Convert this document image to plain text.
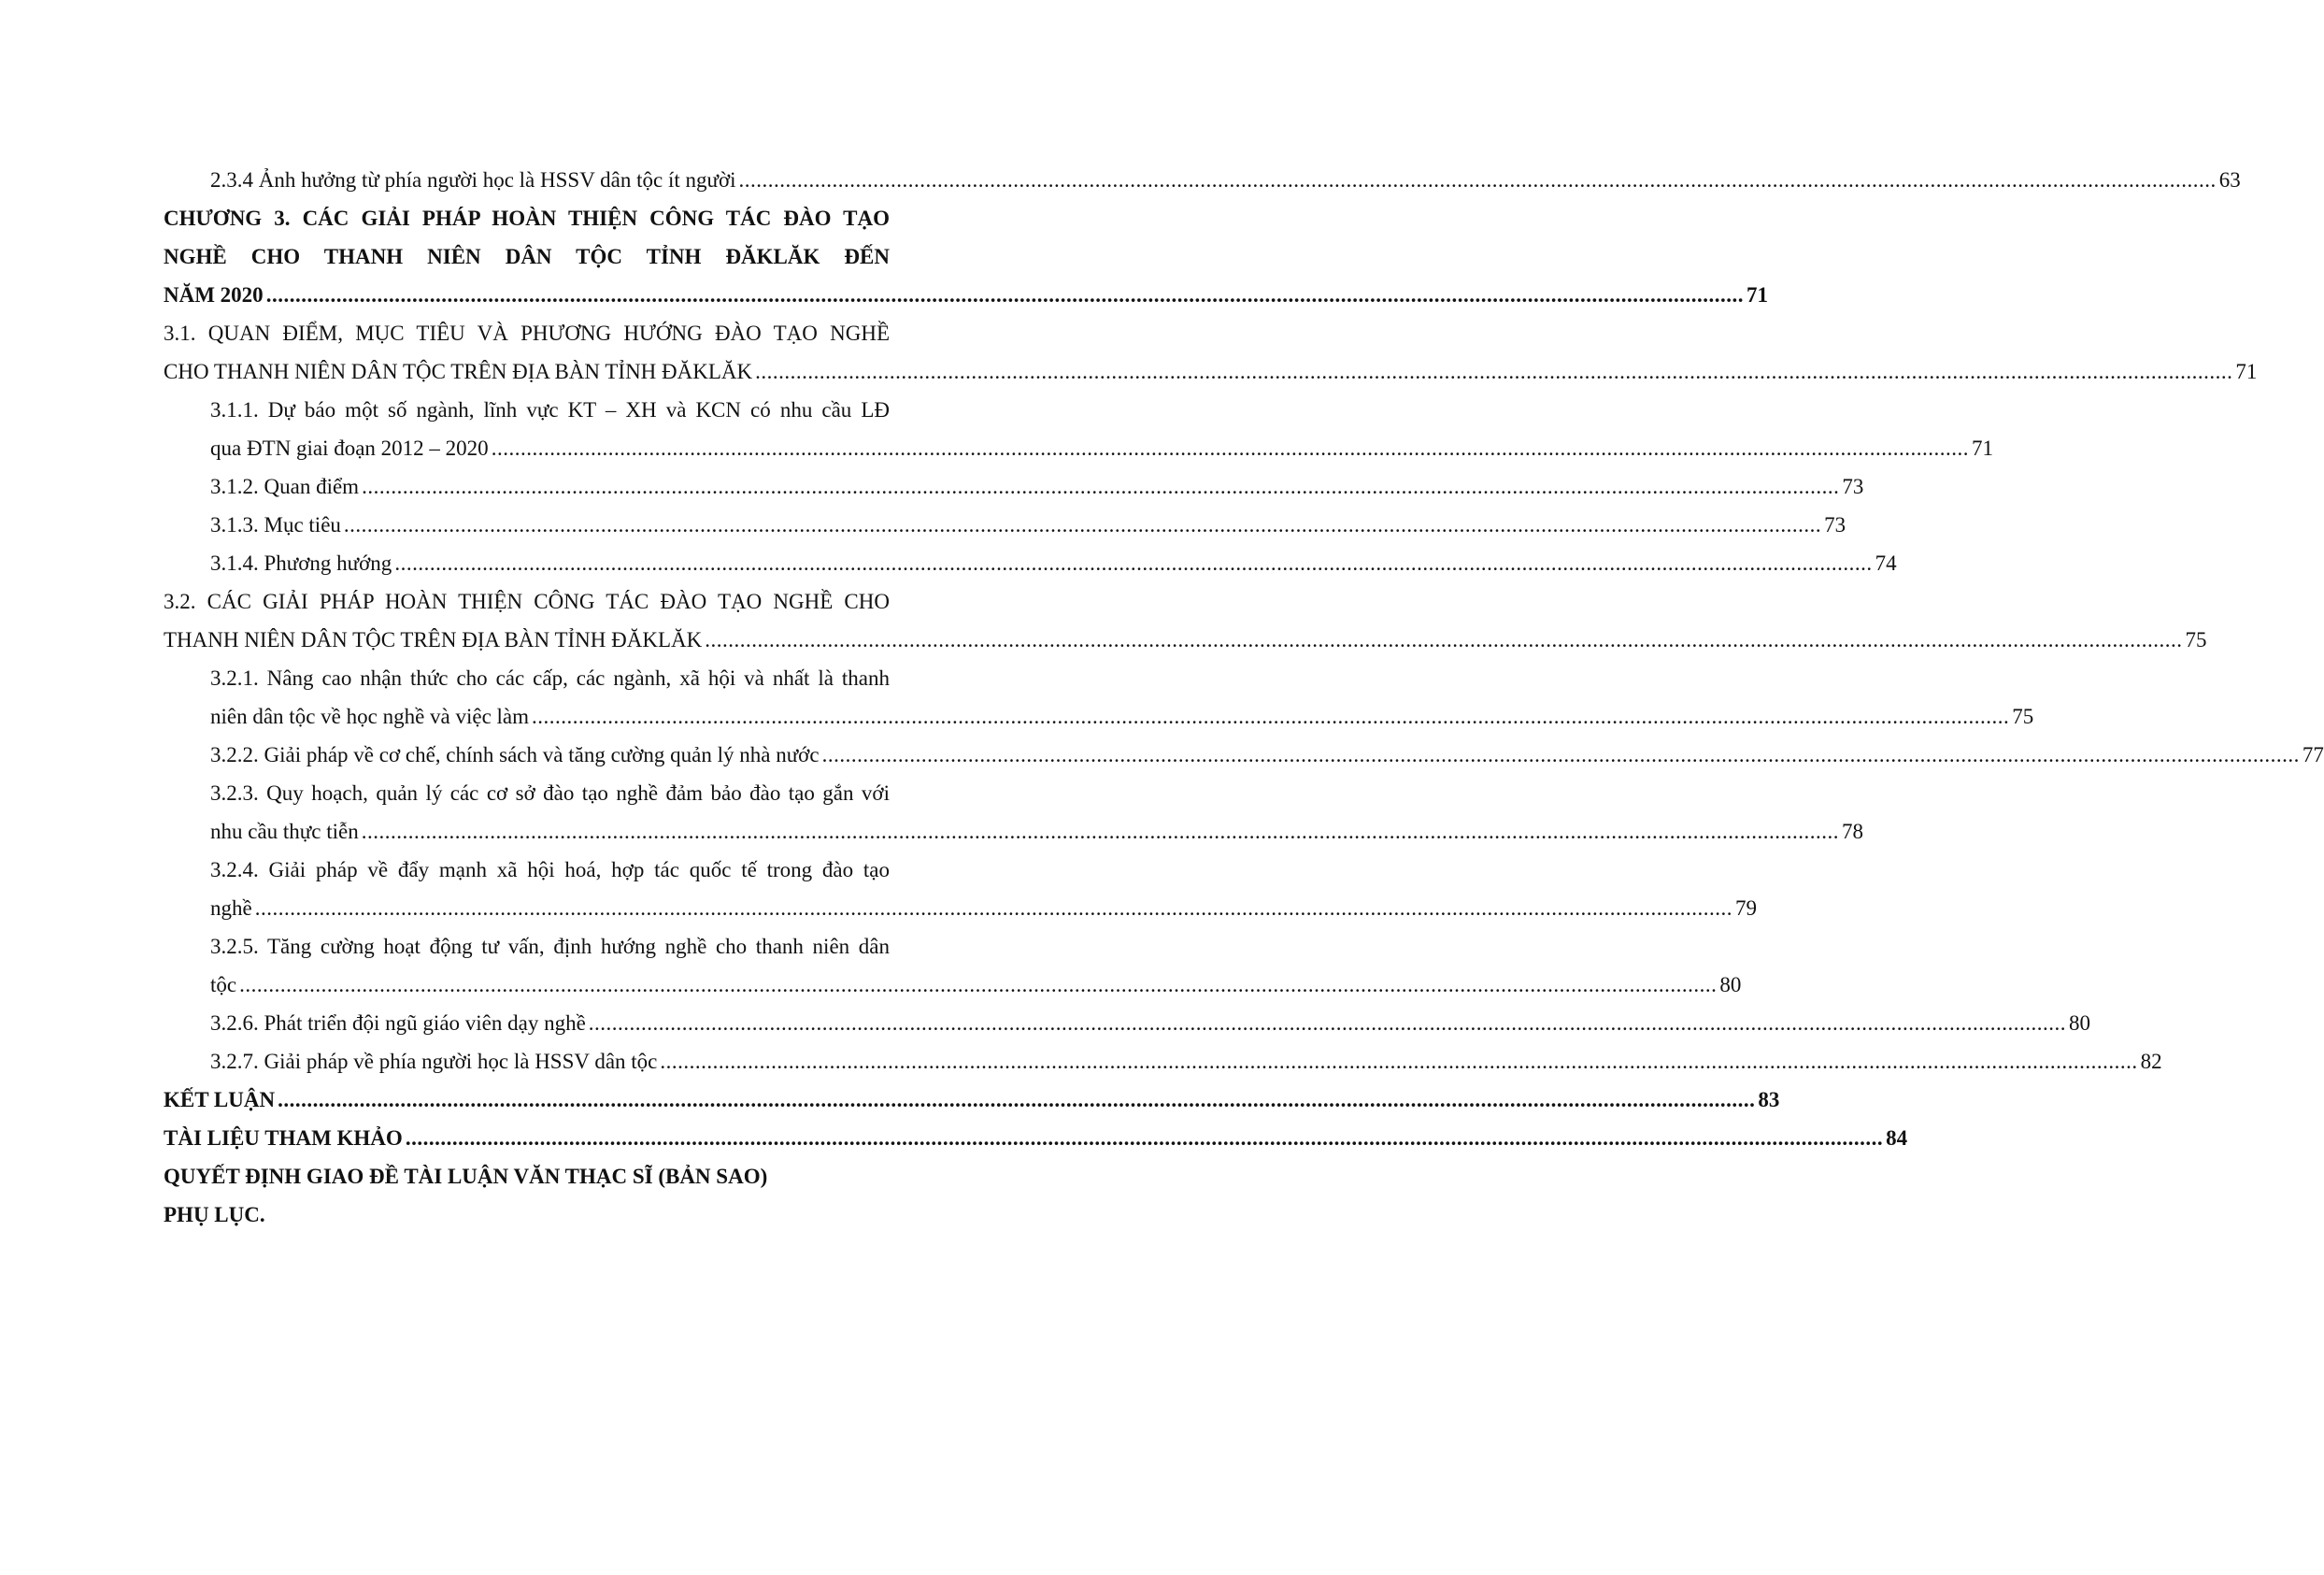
2.3.4 Ảnh hưởng từ phía người học là HSSV dân tộc ít người .....	63
CHƯƠNG 3. CÁC GIẢI PHÁP HOÀN THIỆN CÔNG TÁC ĐÀO TẠO
NGHỀ CHO THANH NIÊN DÂN TỘC TỈNH ĐĂKLĂK ĐẾN
NĂM 2020 .....	71
3.1. QUAN ĐIỂM, MỤC TIÊU VÀ PHƯƠNG HƯỚNG ĐÀO TẠO NGHỀ
CHO THANH NIÊN DÂN TỘC TRÊN ĐỊA BÀN TỈNH ĐĂKLĂK .....	71
3.1.1. Dự báo một số ngành, lĩnh vực KT – XH và KCN có nhu cầu LĐ
qua ĐTN giai đoạn 2012 – 2020 .....	71
3.1.2. Quan điểm .....	73
3.1.3. Mục tiêu .....	73
3.1.4. Phương hướng .....	74
3.2. CÁC GIẢI PHÁP HOÀN THIỆN CÔNG TÁC ĐÀO TẠO NGHỀ CHO
THANH NIÊN DÂN TỘC TRÊN ĐỊA BÀN TỈNH ĐĂKLĂK .....	75
3.2.1. Nâng cao nhận thức cho các cấp, các ngành, xã hội và nhất là thanh
niên dân tộc về học nghề và việc làm .....	75
3.2.2. Giải pháp về cơ chế, chính sách và tăng cường quản lý nhà nước .....	77
3.2.3. Quy hoạch, quản lý các cơ sở đào tạo nghề đảm bảo đào tạo gắn với
nhu cầu thực tiễn .....	78
3.2.4. Giải pháp về đẩy mạnh xã hội hoá, hợp tác quốc tế trong đào tạo
nghề .....	79
3.2.5. Tăng cường hoạt động tư vấn, định hướng nghề cho thanh niên dân
tộc .....	80
3.2.6. Phát triển đội ngũ giáo viên dạy nghề .....	80
3.2.7. Giải pháp về phía người học là HSSV dân tộc .....	82
KẾT LUẬN .....	83
TÀI LIỆU THAM KHẢO .....	84
QUYẾT ĐỊNH GIAO ĐỀ TÀI LUẬN VĂN THẠC SĨ (BẢN SAO)
PHỤ LỤC.
